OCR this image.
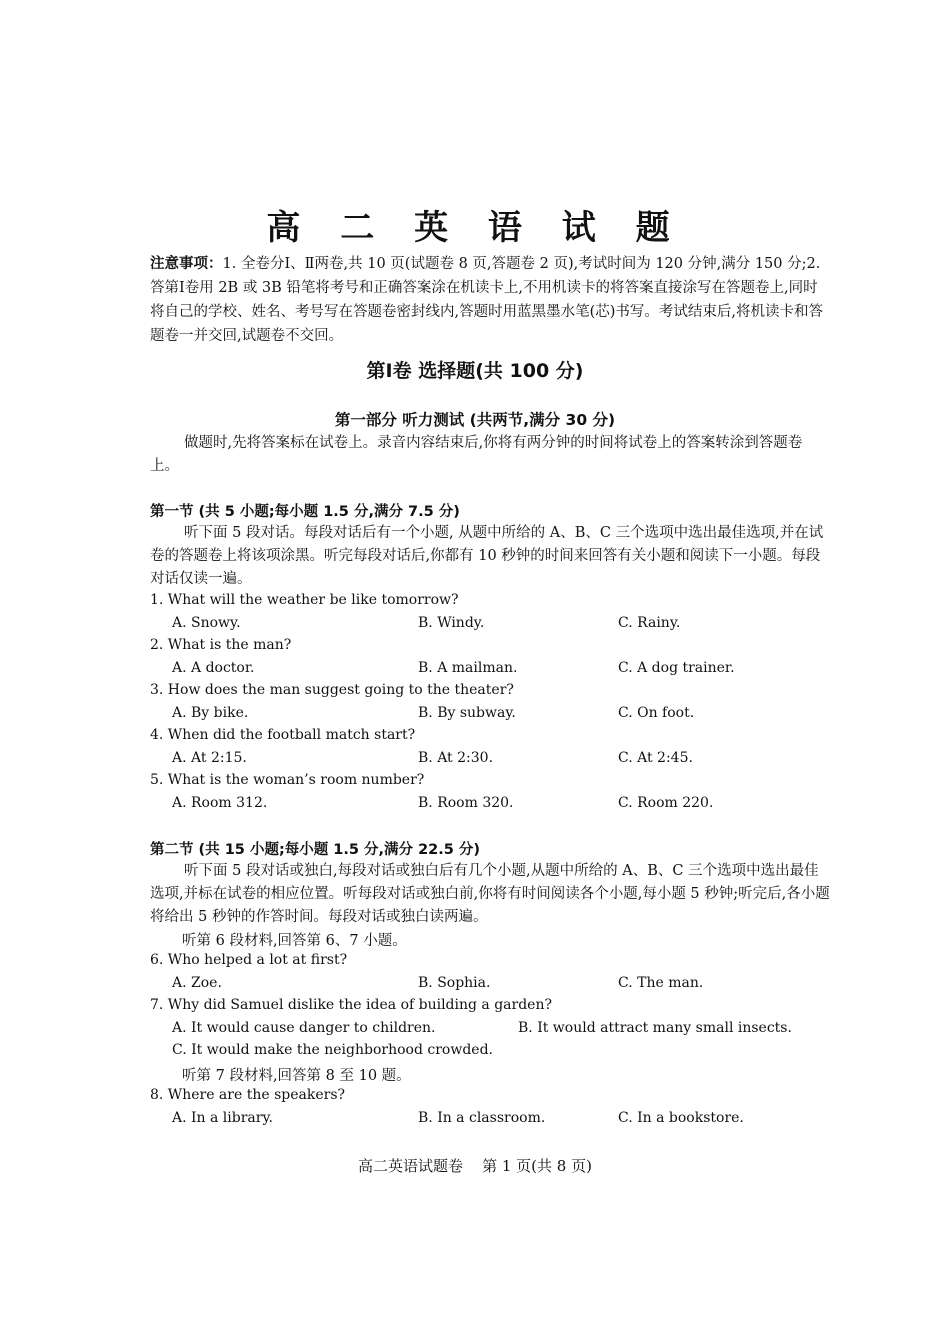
高 二 英 语 试 题
注意事项：1. 全卷分Ⅰ、Ⅱ两卷,共 10 页(试题卷 8 页,答题卷 2 页),考试时间为 120 分钟,满分 150 分;2. 答第Ⅰ卷用 2B 或 3B 铅笔将考号和正确答案涂在机读卡上,不用机读卡的将答案直接涂写在答题卷上,同时将自己的学校、姓名、考号写在答题卷密封线内,答题时用蓝黑墨水笔(芯)书写。考试结束后,将机读卡和答题卷一并交回,试题卷不交回。
第Ⅰ卷 选择题(共 100 分)
第一部分 听力测试 (共两节,满分 30 分)
做题时,先将答案标在试卷上。录音内容结束后,你将有两分钟的时间将试卷上的答案转涂到答题卷上。
第一节 (共 5 小题;每小题 1.5 分,满分 7.5 分)
听下面 5 段对话。每段对话后有一个小题, 从题中所给的 A、B、C 三个选项中选出最佳选项,并在试卷的答题卷上将该项涂黑。听完每段对话后,你都有 10 秒钟的时间来回答有关小题和阅读下一小题。每段对话仅读一遍。
1. What will the weather be like tomorrow?
A. Snowy.	B. Windy.	C. Rainy.
2. What is the man?
A. A doctor.	B. A mailman.	C. A dog trainer.
3. How does the man suggest going to the theater?
A. By bike.	B. By subway.	C. On foot.
4. When did the football match start?
A. At 2:15.	B. At 2:30.	C. At 2:45.
5. What is the woman’s room number?
A. Room 312.	B. Room 320.	C. Room 220.
第二节 (共 15 小题;每小题 1.5 分,满分 22.5 分)
听下面 5 段对话或独白,每段对话或独白后有几个小题,从题中所给的 A、B、C 三个选项中选出最佳选项,并标在试卷的相应位置。听每段对话或独白前,你将有时间阅读各个小题,每小题 5 秒钟;听完后,各小题将给出 5 秒钟的作答时间。每段对话或独白读两遍。
听第 6 段材料,回答第 6、7 小题。
6. Who helped a lot at first?
A. Zoe.	B. Sophia.	C. The man.
7. Why did Samuel dislike the idea of building a garden?
A. It would cause danger to children.	B. It would attract many small insects.
C. It would make the neighborhood crowded.
听第 7 段材料,回答第 8 至 10 题。
8. Where are the speakers?
A. In a library.	B. In a classroom.	C. In a bookstore.
高二英语试题卷    第 1 页(共 8 页)
